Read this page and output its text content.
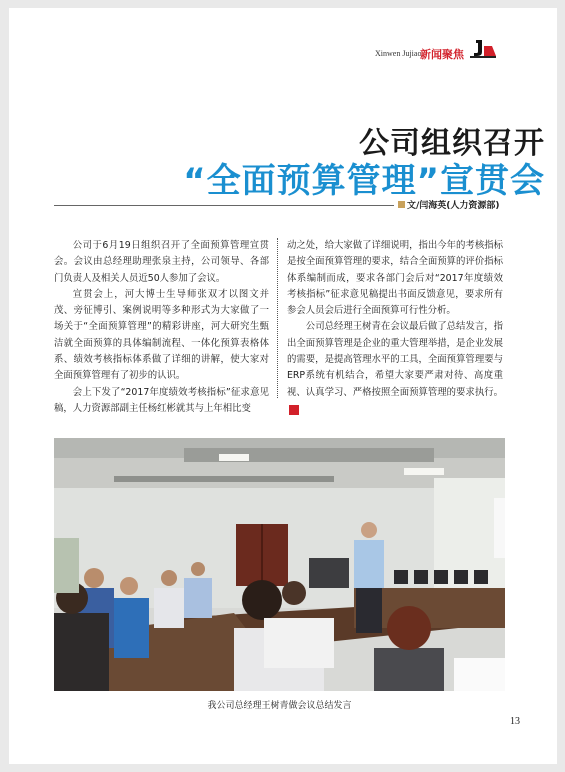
Xinwen Jujiao
新闻聚焦
公司组织召开
“全面预算管理”宣贯会
文/闫海英(人力资源部)

公司于6月19日组织召开了全面预算管理宣贯会。会议由总经理助理张泉主持，公司领导、各部门负责人及相关人员近50人参加了会议。

宣贯会上，河大博士生导师张双才以图文并茂、旁征博引、案例说明等多种形式为大家做了一场关于“全面预算管理”的精彩讲座，河大研究生甄洁就全面预算的具体编制流程、一体化预算表格体系、绩效考核指标体系做了详细的讲解，使大家对全面预算管理有了初步的认识。

会上下发了“2017年度绩效考核指标”征求意见稿，人力资源部副主任杨红彬就其与上年相比变

动之处，给大家做了详细说明，指出今年的考核指标是按全面预算管理的要求，结合全面预算的评价指标体系编制而成，要求各部门会后对“2017年度绩效考核指标”征求意见稿提出书面反馈意见，要求所有参会人员会后进行全面预算可行性分析。

公司总经理王树青在会议最后做了总结发言，指出全面预算管理是企业的重大管理举措，是企业发展的需要，是提高管理水平的工具，全面预算管理要与ERP系统有机结合，希望大家要严肃对待、高度重视、认真学习、严格按照全面预算管理的要求执行。J

我公司总经理王树青做会议总结发言
13
